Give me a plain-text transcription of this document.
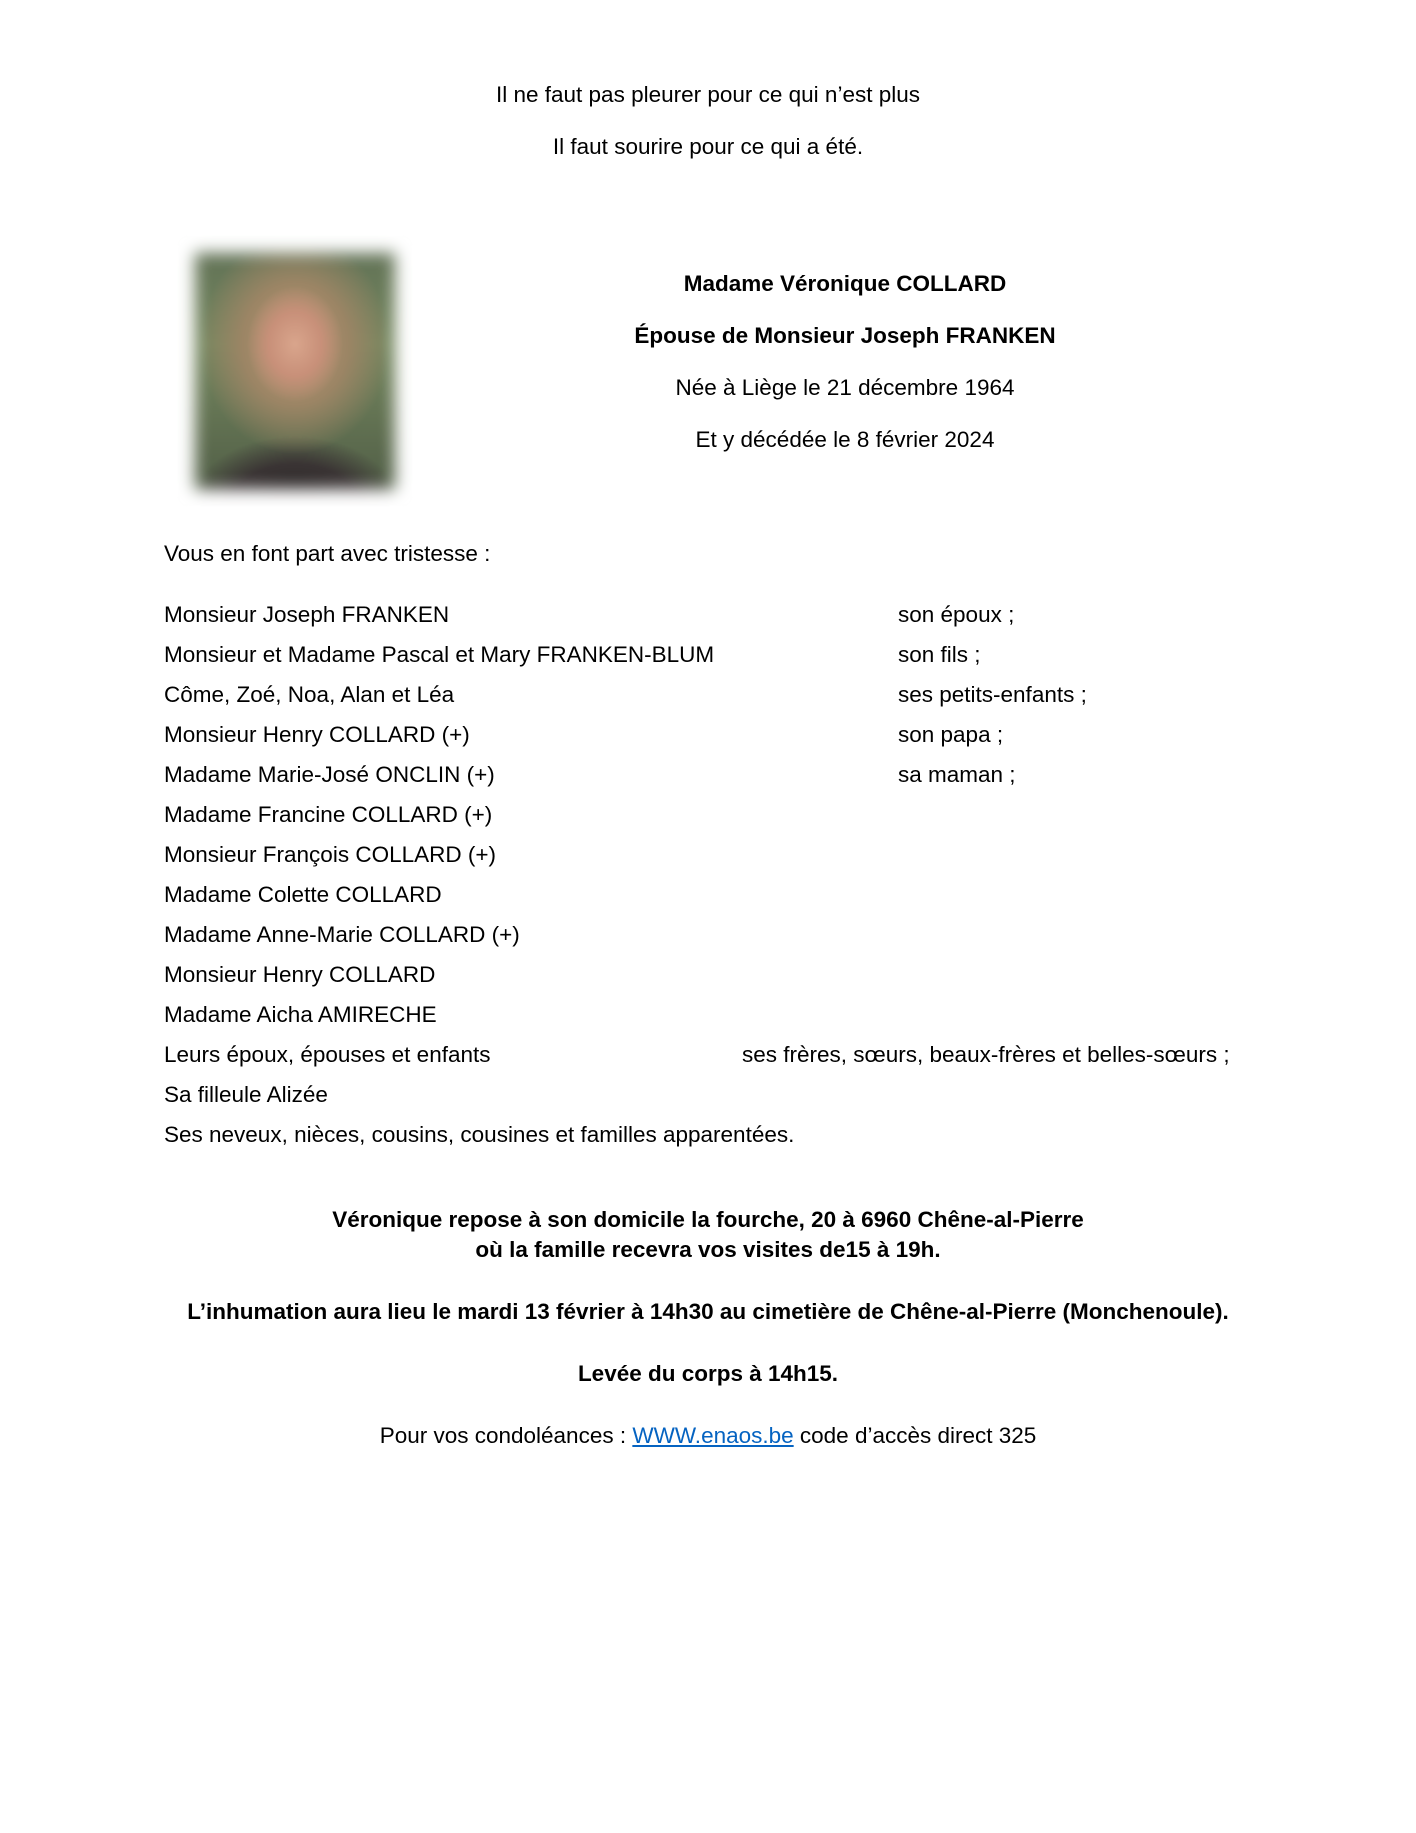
Il ne faut pas pleurer pour ce qui n’est plus
Il faut sourire pour ce qui a été.
Madame Véronique COLLARD
Épouse de Monsieur Joseph FRANKEN
Née à Liège le 21 décembre 1964
Et y décédée le 8 février 2024
Vous en font part avec tristesse :
Monsieur Joseph FRANKEN	son époux ;
Monsieur et Madame Pascal et Mary FRANKEN-BLUM	son fils ;
Côme, Zoé, Noa, Alan et Léa	ses petits-enfants ;
Monsieur Henry COLLARD (+)	son papa ;
Madame Marie-José ONCLIN (+)	sa maman ;
Madame Francine COLLARD (+)
Monsieur François COLLARD (+)
Madame Colette COLLARD
Madame Anne-Marie COLLARD (+)
Monsieur Henry COLLARD
Madame Aicha AMIRECHE
Leurs époux, épouses et enfants	ses frères, sœurs, beaux-frères et belles-sœurs ;
Sa filleule Alizée
Ses neveux, nièces, cousins, cousines et familles apparentées.
Véronique repose à son domicile la fourche, 20 à 6960 Chêne-al-Pierre
où la famille recevra vos visites de15 à 19h.
L’inhumation aura lieu le mardi 13 février à 14h30 au cimetière de Chêne-al-Pierre (Monchenoule).
Levée du corps à 14h15.
Pour vos condoléances : WWW.enaos.be code d’accès direct 325
